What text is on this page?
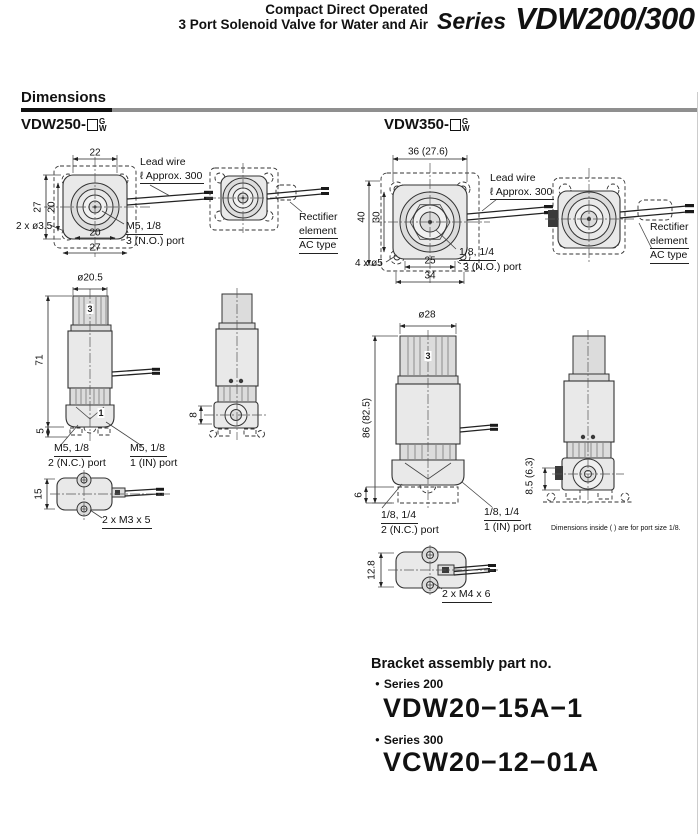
Compact Direct Operated
3 Port Solenoid Valve for Water and Air Series VDW200/300
Dimensions
VDW250- G
W	VDW350- G
W
22
27 20
2 x ø3.5
20
27
Lead wire
ℓ Approx. 300
M5, 1/8
3 (N.O.) port
Rectifier
element
AC type
ø20.5
3
71
5
1
M5, 1/8
2 (N.C.) port
M5, 1/8
1 (IN) port
15
2 x M3 x 5
8
36 (27.6)
40 30
4 x ø5	25
34
Lead wire
ℓ Approx. 300
1/8, 1/4
3 (N.O.) port
Rectifier
element
AC type
ø28
3
86 (82.5)
6
1/8, 1/4
2 (N.C.) port
1/8, 1/4
1 (IN) port
8.5 (6.3)
12.8
2 x M4 x 6
Dimensions inside ( ) are for port size 1/8.
Bracket assembly part no.
● Series 200
VDW20−15A−1
● Series 300
VCW20−12−01A
